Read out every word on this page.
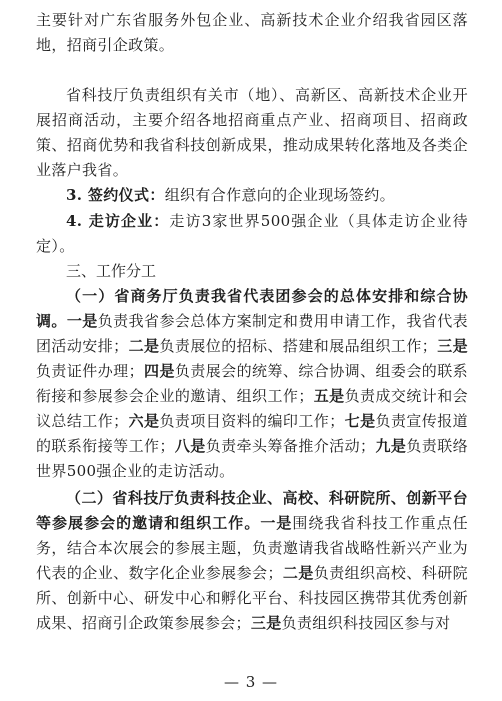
主要针对广东省服务外包企业、高新技术企业介绍我省园区落地，招商引企政策。

省科技厅负责组织有关市（地）、高新区、高新技术企业开展招商活动，主要介绍各地招商重点产业、招商项目、招商政策、招商优势和我省科技创新成果，推动成果转化落地及各类企业落户我省。

3. 签约仪式：组织有合作意向的企业现场签约。

4. 走访企业：走访3家世界500强企业（具体走访企业待定）。

三、工作分工

（一）省商务厅负责我省代表团参会的总体安排和综合协调。一是负责我省参会总体方案制定和费用申请工作，我省代表团活动安排；二是负责展位的招标、搭建和展品组织工作；三是负责证件办理；四是负责展会的统筹、综合协调、组委会的联系衔接和参展参会企业的邀请、组织工作；五是负责成交统计和会议总结工作；六是负责项目资料的编印工作；七是负责宣传报道的联系衔接等工作；八是负责牵头筹备推介活动；九是负责联络世界500强企业的走访活动。

（二）省科技厅负责科技企业、高校、科研院所、创新平台等参展参会的邀请和组织工作。一是围绕我省科技工作重点任务，结合本次展会的参展主题，负责邀请我省战略性新兴产业为代表的企业、数字化企业参展参会；二是负责组织高校、科研院所、创新中心、研发中心和孵化平台、科技园区携带其优秀创新成果、招商引企政策参展参会；三是负责组织科技园区参与对

— 3 —
